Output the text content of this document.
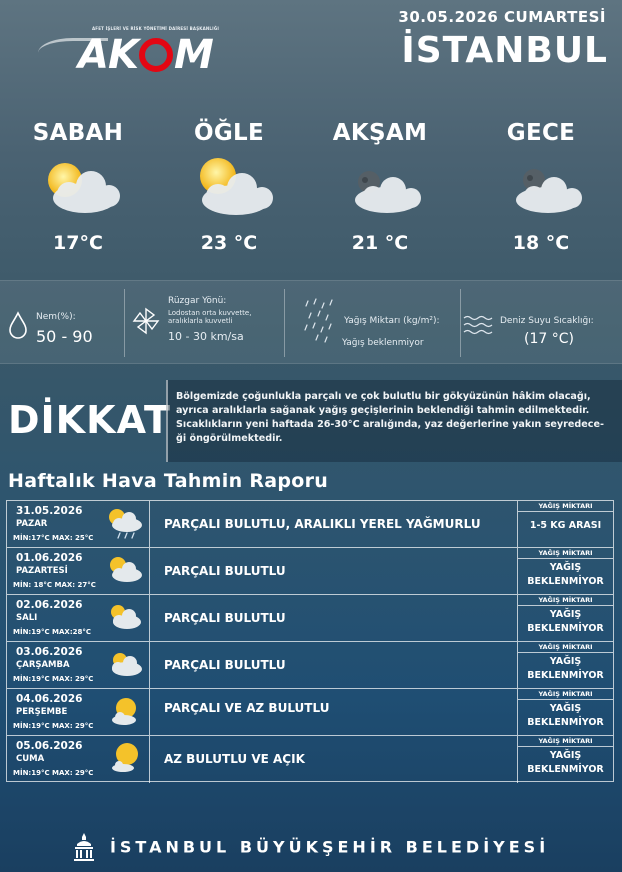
AFET İŞLERİ VE RİSK YÖNETİMİ DAİRESİ BAŞKANLIĞI
AK M
30.05.2026 CUMARTESİ
İSTANBUL
SABAH
17°C
ÖĞLE
23 °C
AKŞAM
21 °C
GECE
18 °C
Nem(%):
50 - 90
Rüzgar Yönü:
Lodostan orta kuvvette,
aralıklarla kuvvetli
10 - 30 km/sa
Yağış Miktarı (kg/m²):
Yağış beklenmiyor
Deniz Suyu Sıcaklığı:
(17 °C)
DİKKAT
Bölgemizde çoğunlukla parçalı ve çok bulutlu bir gökyüzünün hâkim olacağı,
ayrıca aralıklarla sağanak yağış geçişlerinin beklendiği tahmin edilmektedir.
Sıcaklıkların yeni haftada 26-30°C aralığında, yaz değerlerine yakın seyredece-
ği öngörülmektedir.
Haftalık Hava Tahmin Raporu
31.05.2026
PAZAR
MİN:17°C MAX: 25°C
PARÇALI BULUTLU, ARALIKLI YEREL YAĞMURLU
YAĞIŞ MİKTARI
1-5 KG ARASI
01.06.2026
PAZARTESİ
MİN: 18°C MAX: 27°C
PARÇALI BULUTLU
YAĞIŞ MİKTARI
YAĞIŞ
BEKLENMİYOR
02.06.2026
SALI
MİN:19°C MAX:28°C
PARÇALI BULUTLU
YAĞIŞ MİKTARI
YAĞIŞ
BEKLENMİYOR
03.06.2026
ÇARŞAMBA
MİN:19°C MAX: 29°C
PARÇALI BULUTLU
YAĞIŞ MİKTARI
YAĞIŞ
BEKLENMİYOR
04.06.2026
PERŞEMBE
MİN:19°C MAX: 29°C
PARÇALI VE AZ BULUTLU
YAĞIŞ MİKTARI
YAĞIŞ
BEKLENMİYOR
05.06.2026
CUMA
MİN:19°C MAX: 29°C
AZ BULUTLU VE AÇIK
YAĞIŞ MİKTARI
YAĞIŞ
BEKLENMİYOR
İSTANBUL BÜYÜKŞEHİR BELEDİYESİ
